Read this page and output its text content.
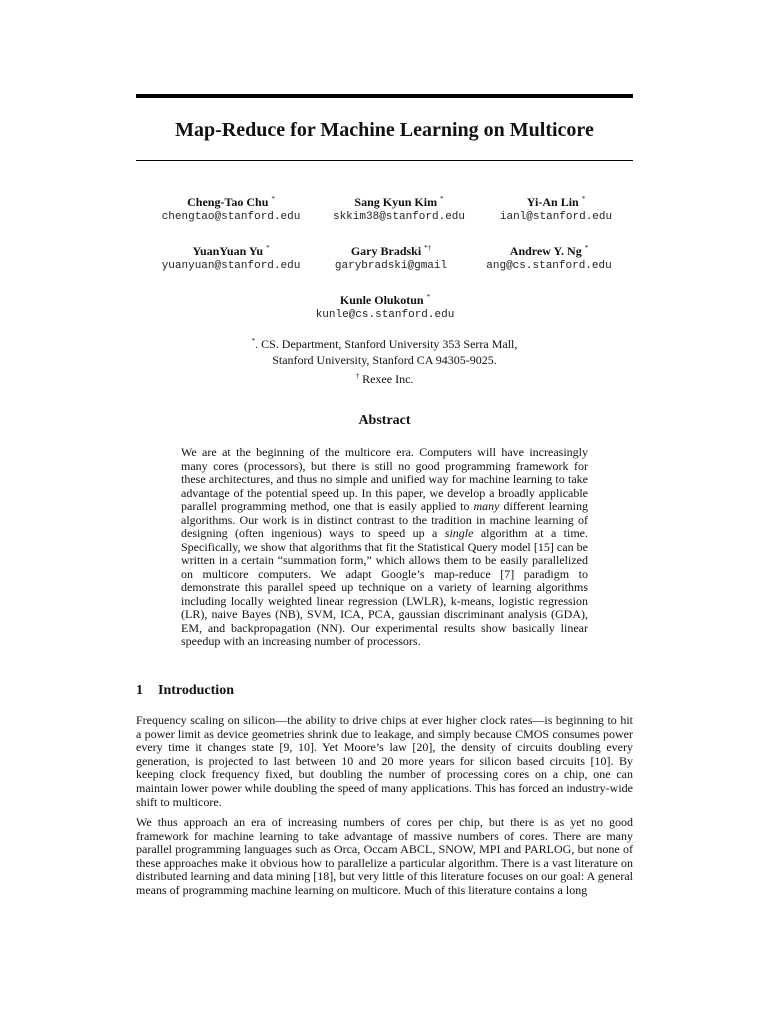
Map-Reduce for Machine Learning on Multicore
Cheng-Tao Chu *
chengtao@stanford.edu
Sang Kyun Kim *
skkim38@stanford.edu
Yi-An Lin *
ianl@stanford.edu
YuanYuan Yu *
yuanyuan@stanford.edu
Gary Bradski *†
garybradski@gmail
Andrew Y. Ng *
ang@cs.stanford.edu
Kunle Olukotun *
kunle@cs.stanford.edu
*. CS. Department, Stanford University 353 Serra Mall,
Stanford University, Stanford CA 94305-9025.
† Rexee Inc.
Abstract
We are at the beginning of the multicore era. Computers will have increasingly many cores (processors), but there is still no good programming framework for these architectures, and thus no simple and unified way for machine learning to take advantage of the potential speed up. In this paper, we develop a broadly applicable parallel programming method, one that is easily applied to many different learning algorithms. Our work is in distinct contrast to the tradition in machine learning of designing (often ingenious) ways to speed up a single algorithm at a time. Specifically, we show that algorithms that fit the Statistical Query model [15] can be written in a certain “summation form,” which allows them to be easily parallelized on multicore computers. We adapt Google’s map-reduce [7] paradigm to demonstrate this parallel speed up technique on a variety of learning algorithms including locally weighted linear regression (LWLR), k-means, logistic regression (LR), naive Bayes (NB), SVM, ICA, PCA, gaussian discriminant analysis (GDA), EM, and backpropagation (NN). Our experimental results show basically linear speedup with an increasing number of processors.
1 Introduction
Frequency scaling on silicon—the ability to drive chips at ever higher clock rates—is beginning to hit a power limit as device geometries shrink due to leakage, and simply because CMOS consumes power every time it changes state [9, 10]. Yet Moore’s law [20], the density of circuits doubling every generation, is projected to last between 10 and 20 more years for silicon based circuits [10]. By keeping clock frequency fixed, but doubling the number of processing cores on a chip, one can maintain lower power while doubling the speed of many applications. This has forced an industry-wide shift to multicore.
We thus approach an era of increasing numbers of cores per chip, but there is as yet no good framework for machine learning to take advantage of massive numbers of cores. There are many parallel programming languages such as Orca, Occam ABCL, SNOW, MPI and PARLOG, but none of these approaches make it obvious how to parallelize a particular algorithm. There is a vast literature on distributed learning and data mining [18], but very little of this literature focuses on our goal: A general means of programming machine learning on multicore. Much of this literature contains a long
